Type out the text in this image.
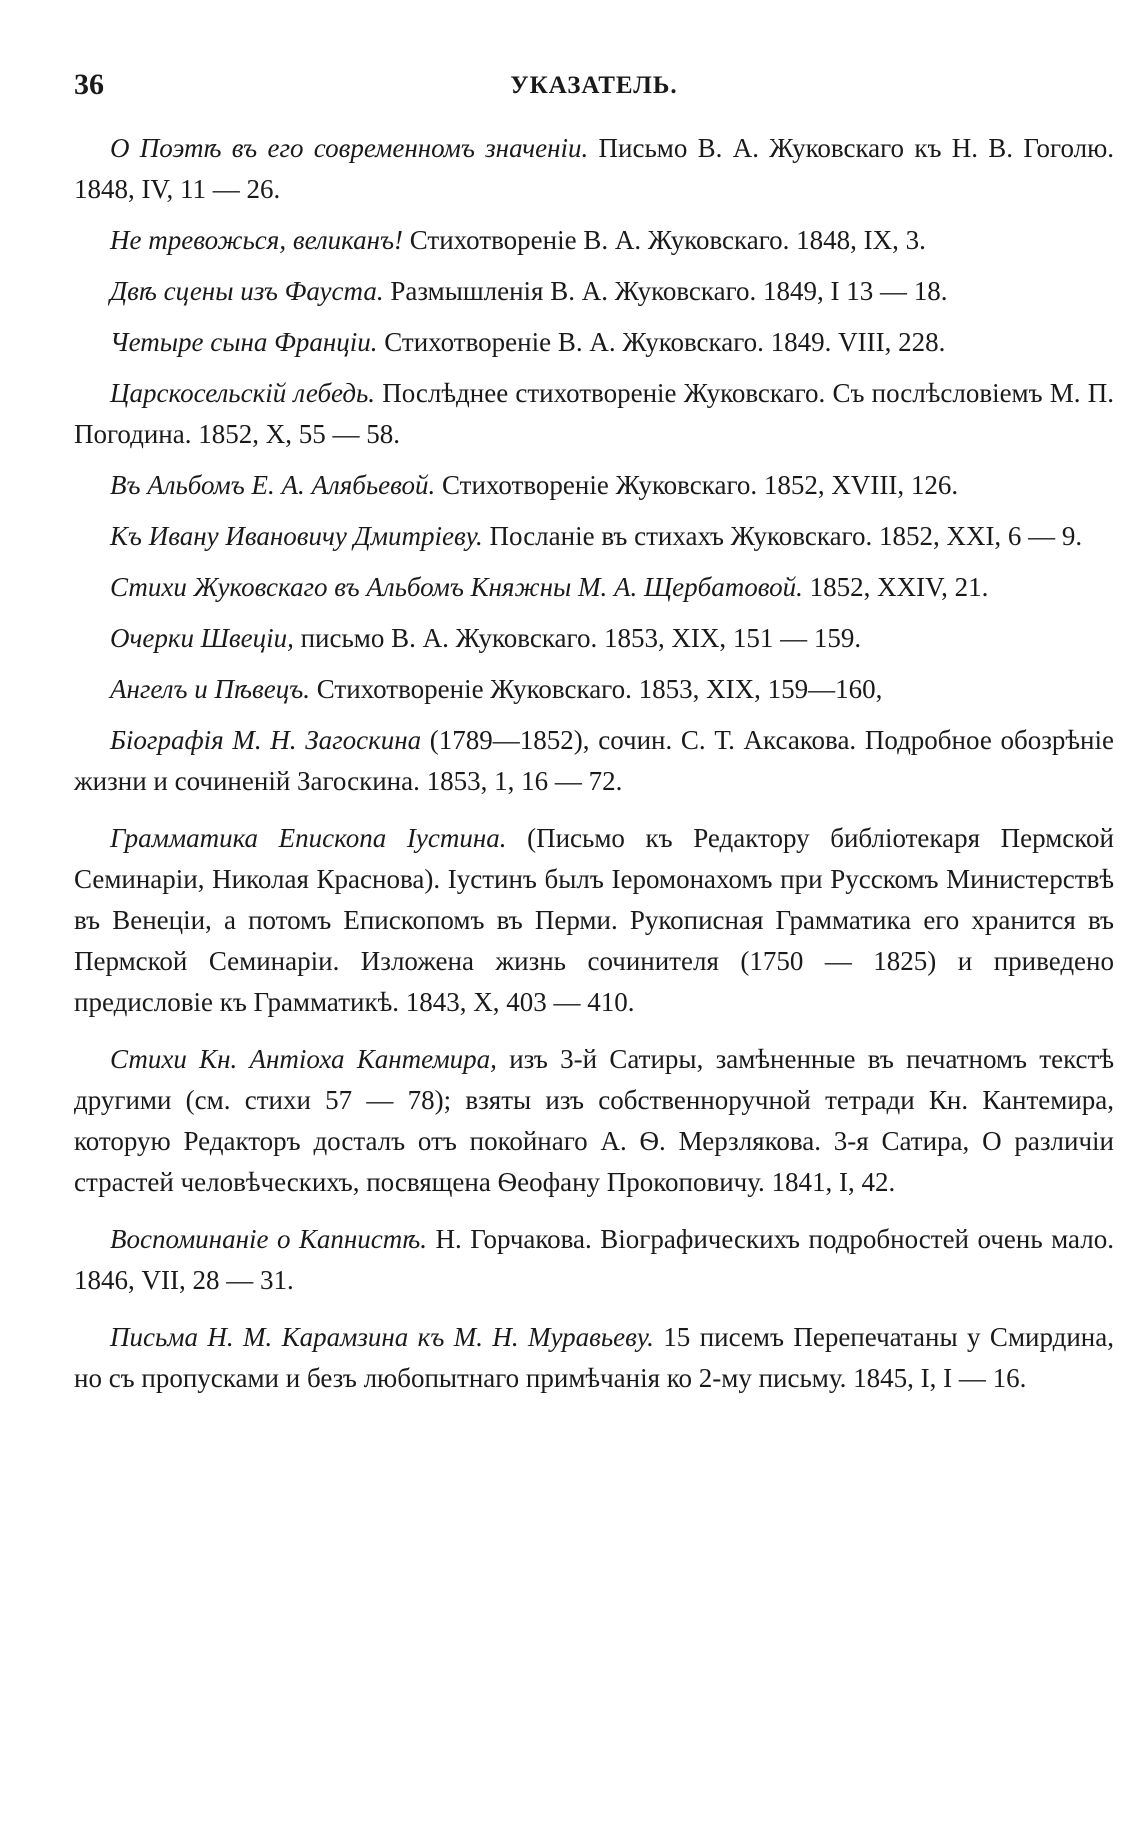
36	УКАЗАТЕЛЬ.

О Поэтѣ въ его современномъ значеніи. Письмо В. А. Жуковскаго къ Н. В. Гоголю. 1848, IV, 11 — 26.

Не тревожься, великанъ! Стихотвореніе В. А. Жуковскаго. 1848, IX, 3.

Двѣ сцены изъ Фауста. Размышленія В. А. Жуковскаго. 1849, I 13 — 18.

Четыре сына Франціи. Стихотвореніе В. А. Жуковскаго. 1849. VIII, 228.

Царскосельскій лебедь. Послѣднее стихотвореніе Жуковскаго. Съ послѣсловіемъ М. П. Погодина. 1852, X, 55 — 58.

Въ Альбомъ Е. А. Алябьевой. Стихотвореніе Жуковскаго. 1852, XVIII, 126.

Къ Ивану Ивановичу Дмитріеву. Посланіе въ стихахъ Жуковскаго. 1852, XXI, 6 — 9.

Стихи Жуковскаго въ Альбомъ Княжны М. А. Щербатовой. 1852, XXIV, 21.

Очерки Швеціи, письмо В. А. Жуковскаго. 1853, XIX, 151 — 159.

Ангелъ и Пѣвецъ. Стихотвореніе Жуковскаго. 1853, XIX, 159—160,

Біографія М. Н. Загоскина (1789—1852), сочин. С. Т. Аксакова. Подробное обозрѣніе жизни и сочиненій Загоскина. 1853, 1, 16 — 72.

Грамматика Епископа Іустина. (Письмо къ Редактору библіотекаря Пермской Семинаріи, Николая Краснова). Іустинъ былъ Іеромонахомъ при Русскомъ Министерствѣ въ Венеціи, а потомъ Епископомъ въ Перми. Рукописная Грамматика его хранится въ Пермской Семинаріи. Изложена жизнь сочинителя (1750 — 1825) и приведено предисловіе къ Грамматикѣ. 1843, X, 403 — 410.

Стихи Кн. Антіоха Кантемира, изъ 3-й Сатиры, замѣненные въ печатномъ текстѣ другими (см. стихи 57 — 78); взяты изъ собственноручной тетради Кн. Кантемира, которую Редакторъ досталъ отъ покойнаго А. Ѳ. Мерзлякова. 3-я Сатира, О различіи страстей человѣческихъ, посвящена Ѳеофану Прокоповичу. 1841, I, 42.

Воспоминаніе о Капнистѣ. Н. Горчакова. Віографическихъ подробностей очень мало. 1846, VII, 28 — 31.

Письма Н. М. Карамзина къ М. Н. Муравьеву. 15 писемъ Перепечатаны у Смирдина, но съ пропусками и безъ любопытнаго примѣчанія ко 2-му письму. 1845, I, I — 16.
